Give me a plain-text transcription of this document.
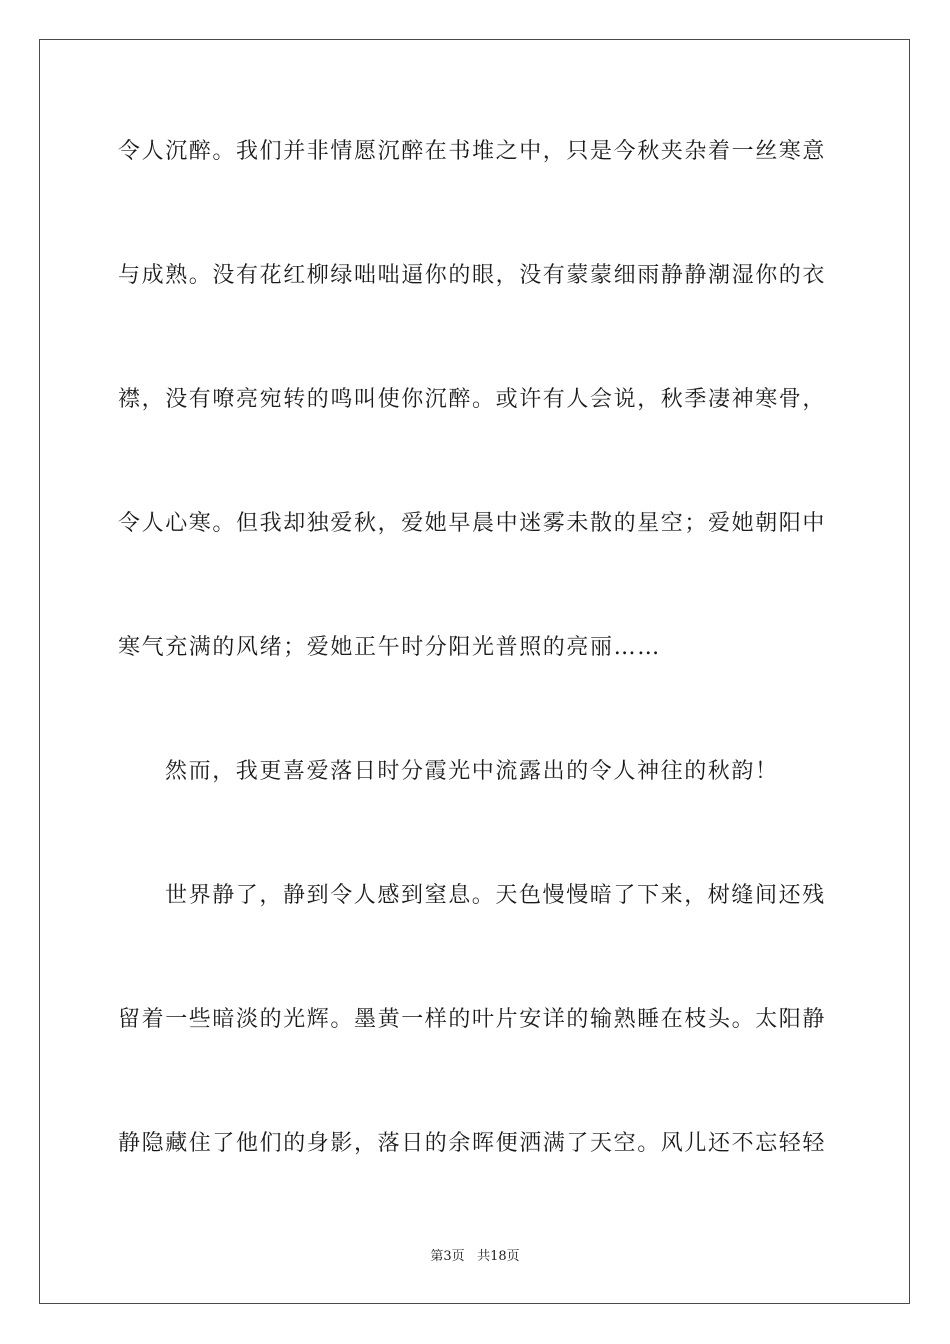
令人沉醉。我们并非情愿沉醉在书堆之中，只是今秋夹杂着一丝寒意
与成熟。没有花红柳绿咄咄逼你的眼，没有蒙蒙细雨静静潮湿你的衣
襟，没有嘹亮宛转的鸣叫使你沉醉。或许有人会说，秋季凄神寒骨，
令人心寒。但我却独爱秋，爱她早晨中迷雾未散的星空；爱她朝阳中
寒气充满的风绪；爱她正午时分阳光普照的亮丽……
然而，我更喜爱落日时分霞光中流露出的令人神往的秋韵！
世界静了，静到令人感到窒息。天色慢慢暗了下来，树缝间还残
留着一些暗淡的光辉。墨黄一样的叶片安详的输熟睡在枝头。太阳静
静隐藏住了他们的身影，落日的余晖便洒满了天空。风儿还不忘轻轻
第3页 共18页
